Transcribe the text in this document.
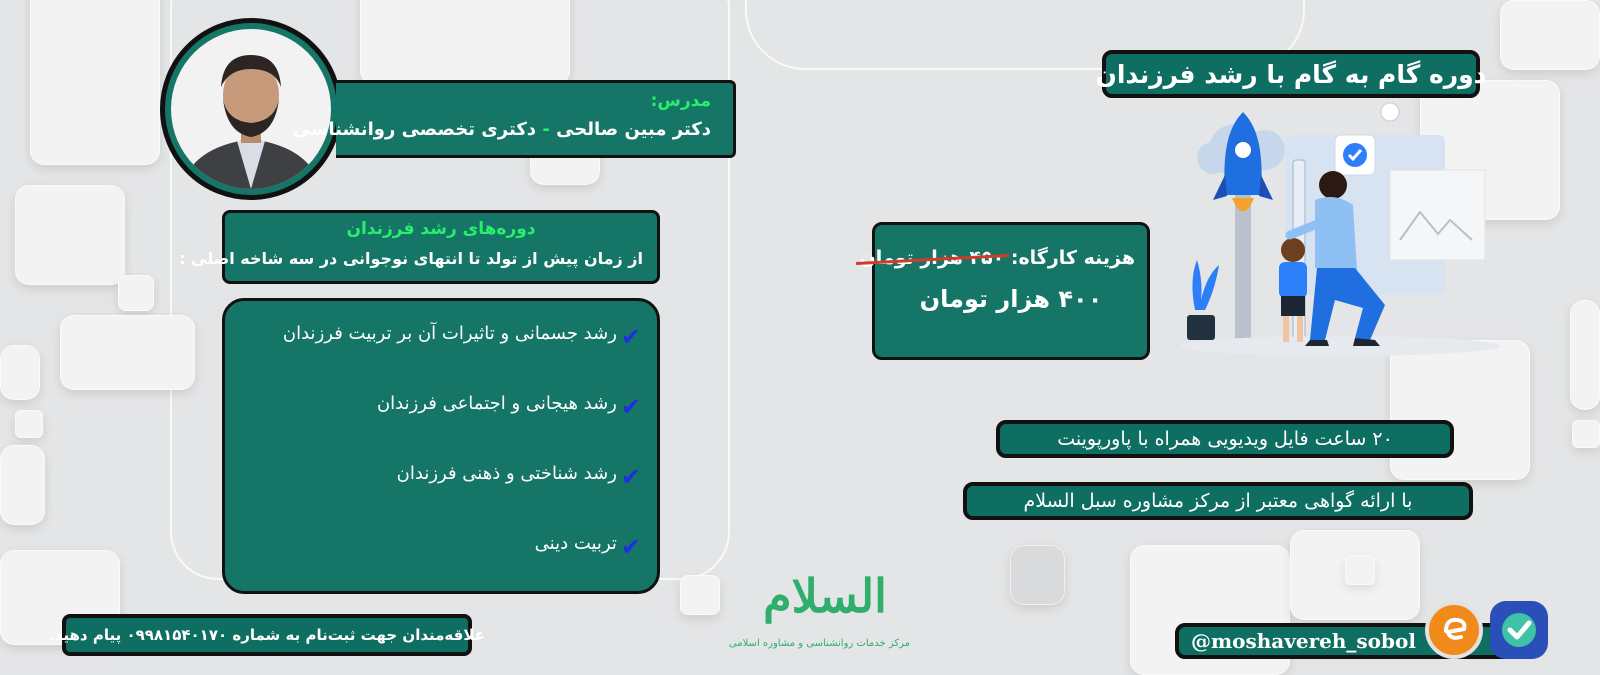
دوره گام به گام با رشد فرزندان
مدرس:
دکتر مبین صالحی - دکتری تخصصی روانشناسی
دوره‌های رشد فرزندان
از زمان پیش از تولد تا انتهای نوجوانی در سه شاخه اصلی :
✔
رشد جسمانی و تاثیرات آن بر تربیت فرزندان
✔
رشد هیجانی و اجتماعی فرزندان
✔
رشد شناختی و ذهنی فرزندان
✔
تربیت دینی
هزینه کارگاه: ۴۵۰ هزار تومان
۴۰۰ هزار تومان
۲۰ ساعت فایل ویدیویی همراه با پاورپوینت
با ارائه گواهی معتبر از مرکز مشاوره سبل السلام
علاقه‌مندان جهت ثبت‌نام به شماره ۰۹۹۸۱۵۴۰۱۷۰ پیام دهید.
السلام
مرکز خدمات روانشناسی و مشاوره اسلامی	@moshavereh_sobol
